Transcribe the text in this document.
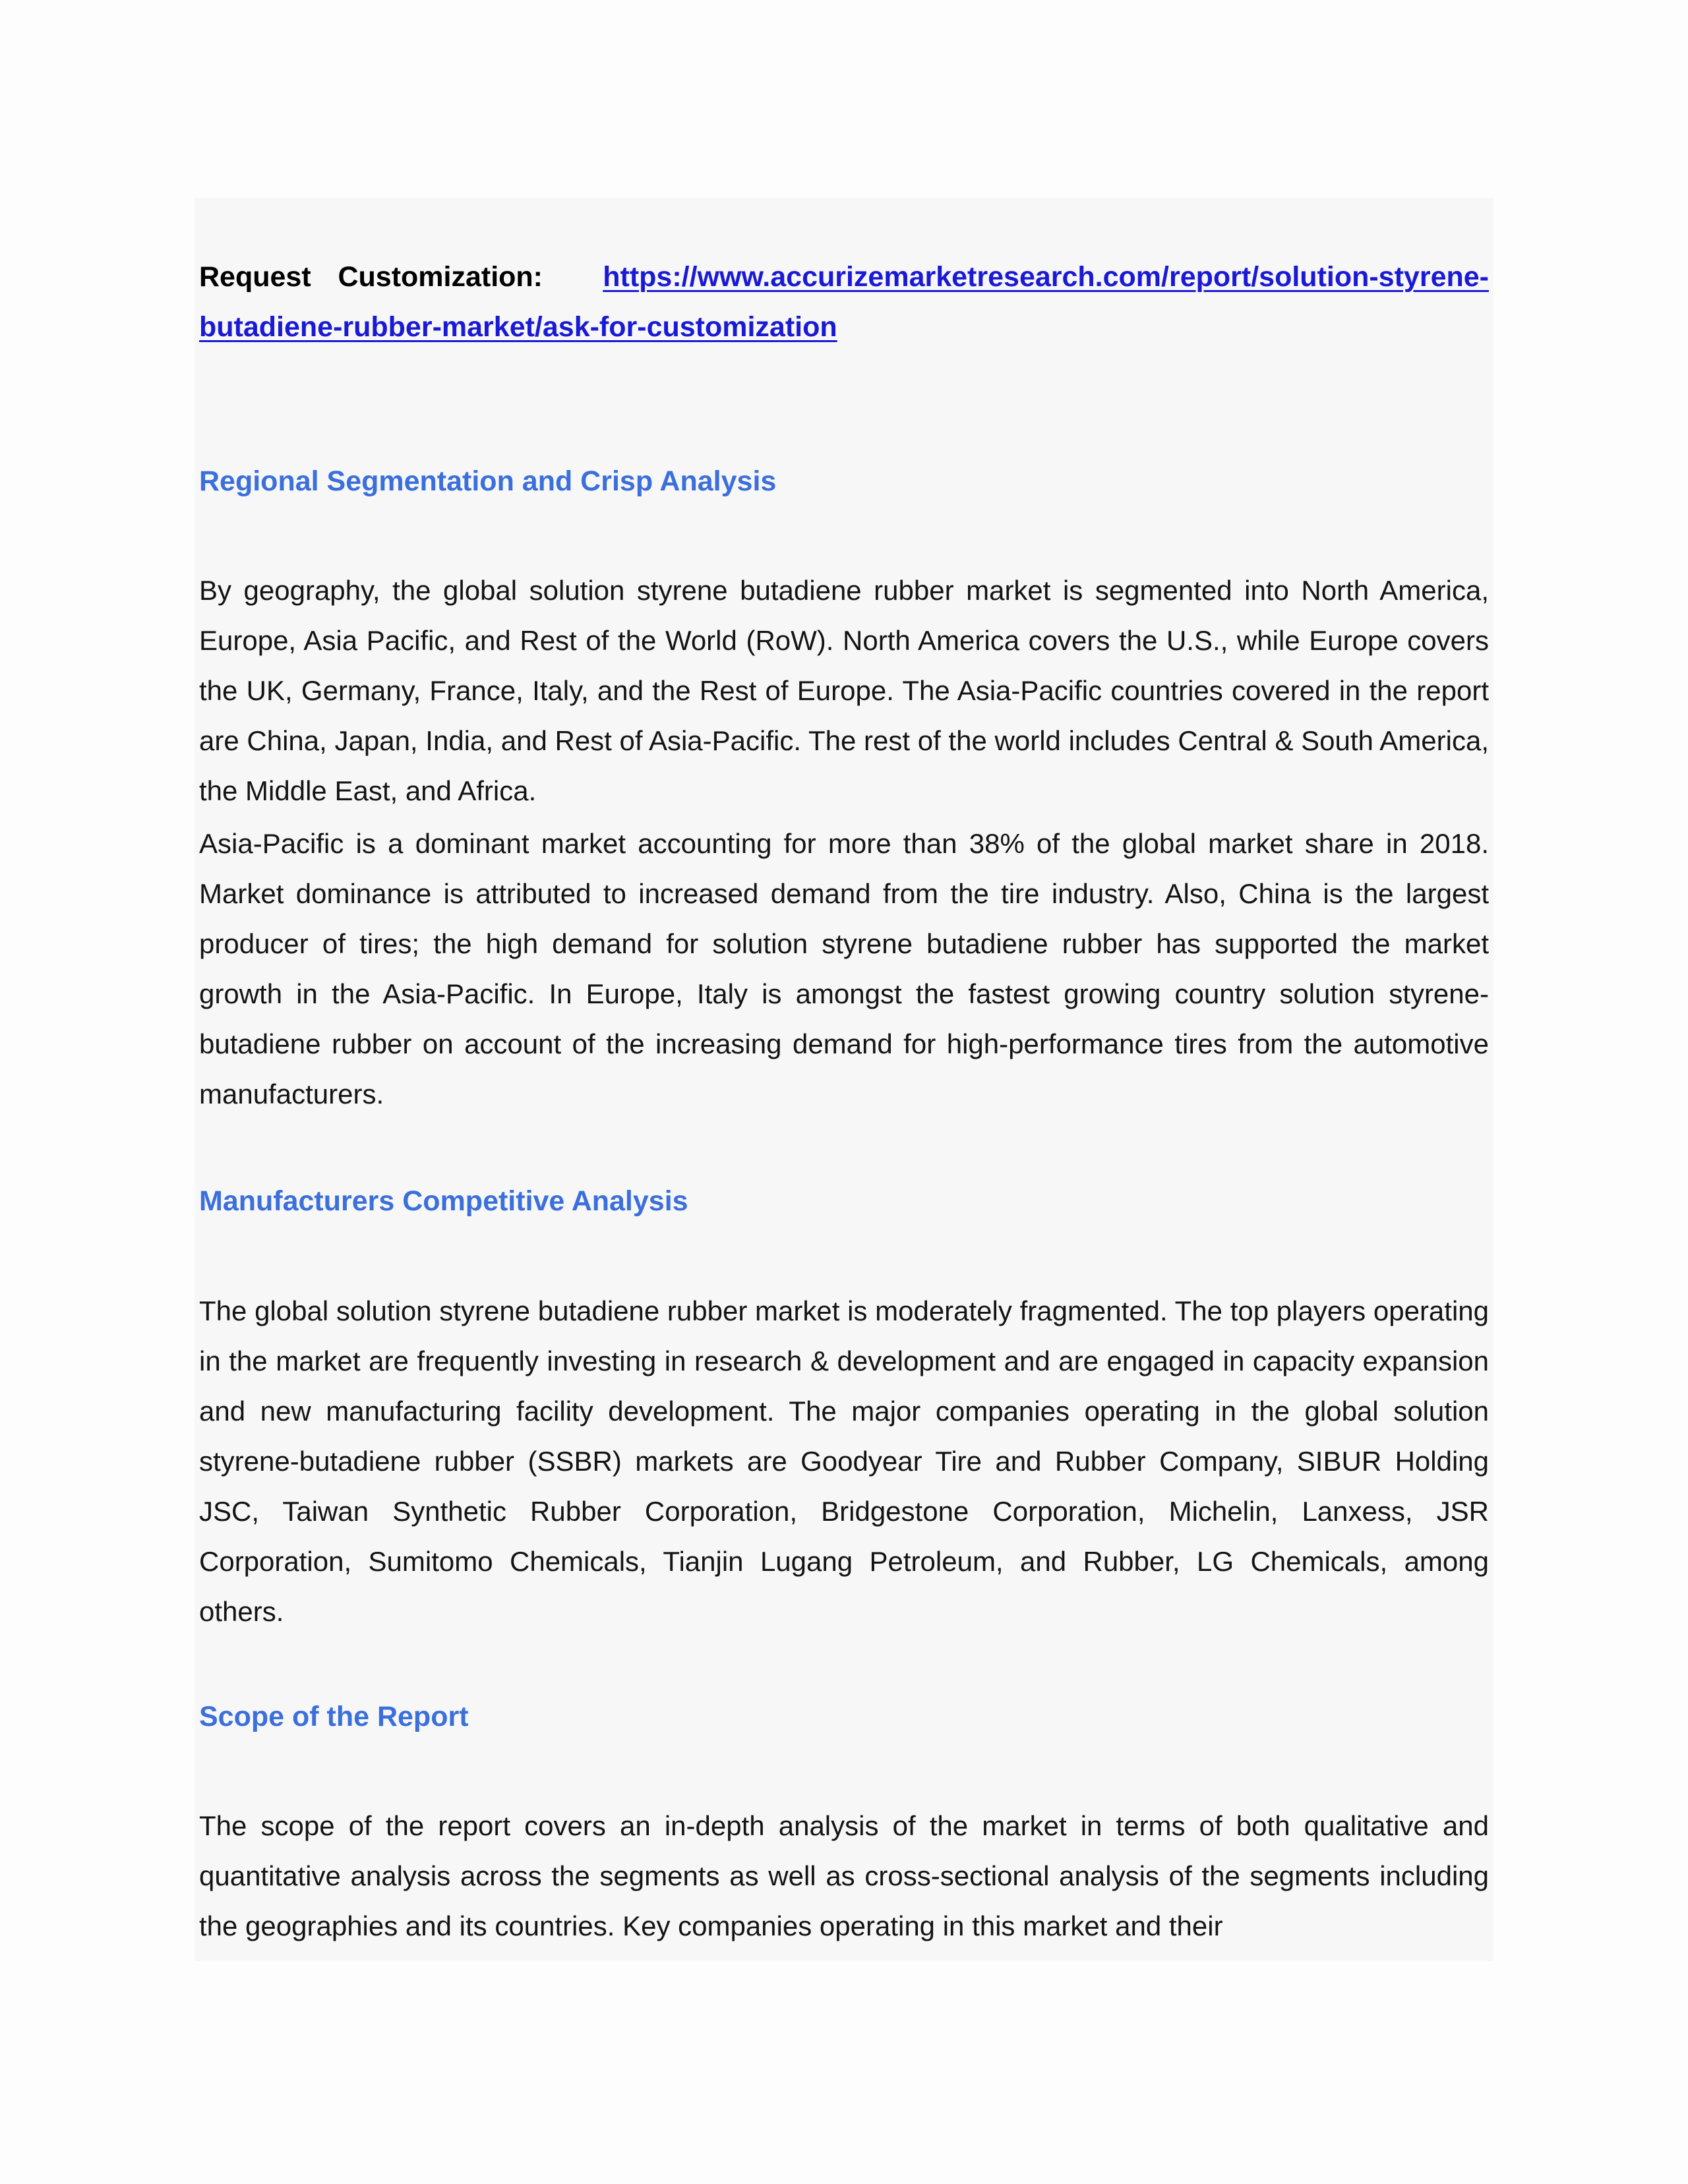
Request Customization: https://www.accurizemarketresearch.com/report/solution-styrene-butadiene-rubber-market/ask-for-customization
Regional Segmentation and Crisp Analysis

By geography, the global solution styrene butadiene rubber market is segmented into North America, Europe, Asia Pacific, and Rest of the World (RoW). North America covers the U.S., while Europe covers the UK, Germany, France, Italy, and the Rest of Europe. The Asia-Pacific countries covered in the report are China, Japan, India, and Rest of Asia-Pacific. The rest of the world includes Central & South America, the Middle East, and Africa.

Asia-Pacific is a dominant market accounting for more than 38% of the global market share in 2018. Market dominance is attributed to increased demand from the tire industry. Also, China is the largest producer of tires; the high demand for solution styrene butadiene rubber has supported the market growth in the Asia-Pacific. In Europe, Italy is amongst the fastest growing country solution styrene-butadiene rubber on account of the increasing demand for high-performance tires from the automotive manufacturers.

Manufacturers Competitive Analysis

The global solution styrene butadiene rubber market is moderately fragmented. The top players operating in the market are frequently investing in research & development and are engaged in capacity expansion and new manufacturing facility development. The major companies operating in the global solution styrene-butadiene rubber (SSBR) markets are Goodyear Tire and Rubber Company, SIBUR Holding JSC, Taiwan Synthetic Rubber Corporation, Bridgestone Corporation, Michelin, Lanxess, JSR Corporation, Sumitomo Chemicals, Tianjin Lugang Petroleum, and Rubber, LG Chemicals, among others.

Scope of the Report

The scope of the report covers an in-depth analysis of the market in terms of both qualitative and quantitative analysis across the segments as well as cross-sectional analysis of the segments including the geographies and its countries. Key companies operating in this market and their
